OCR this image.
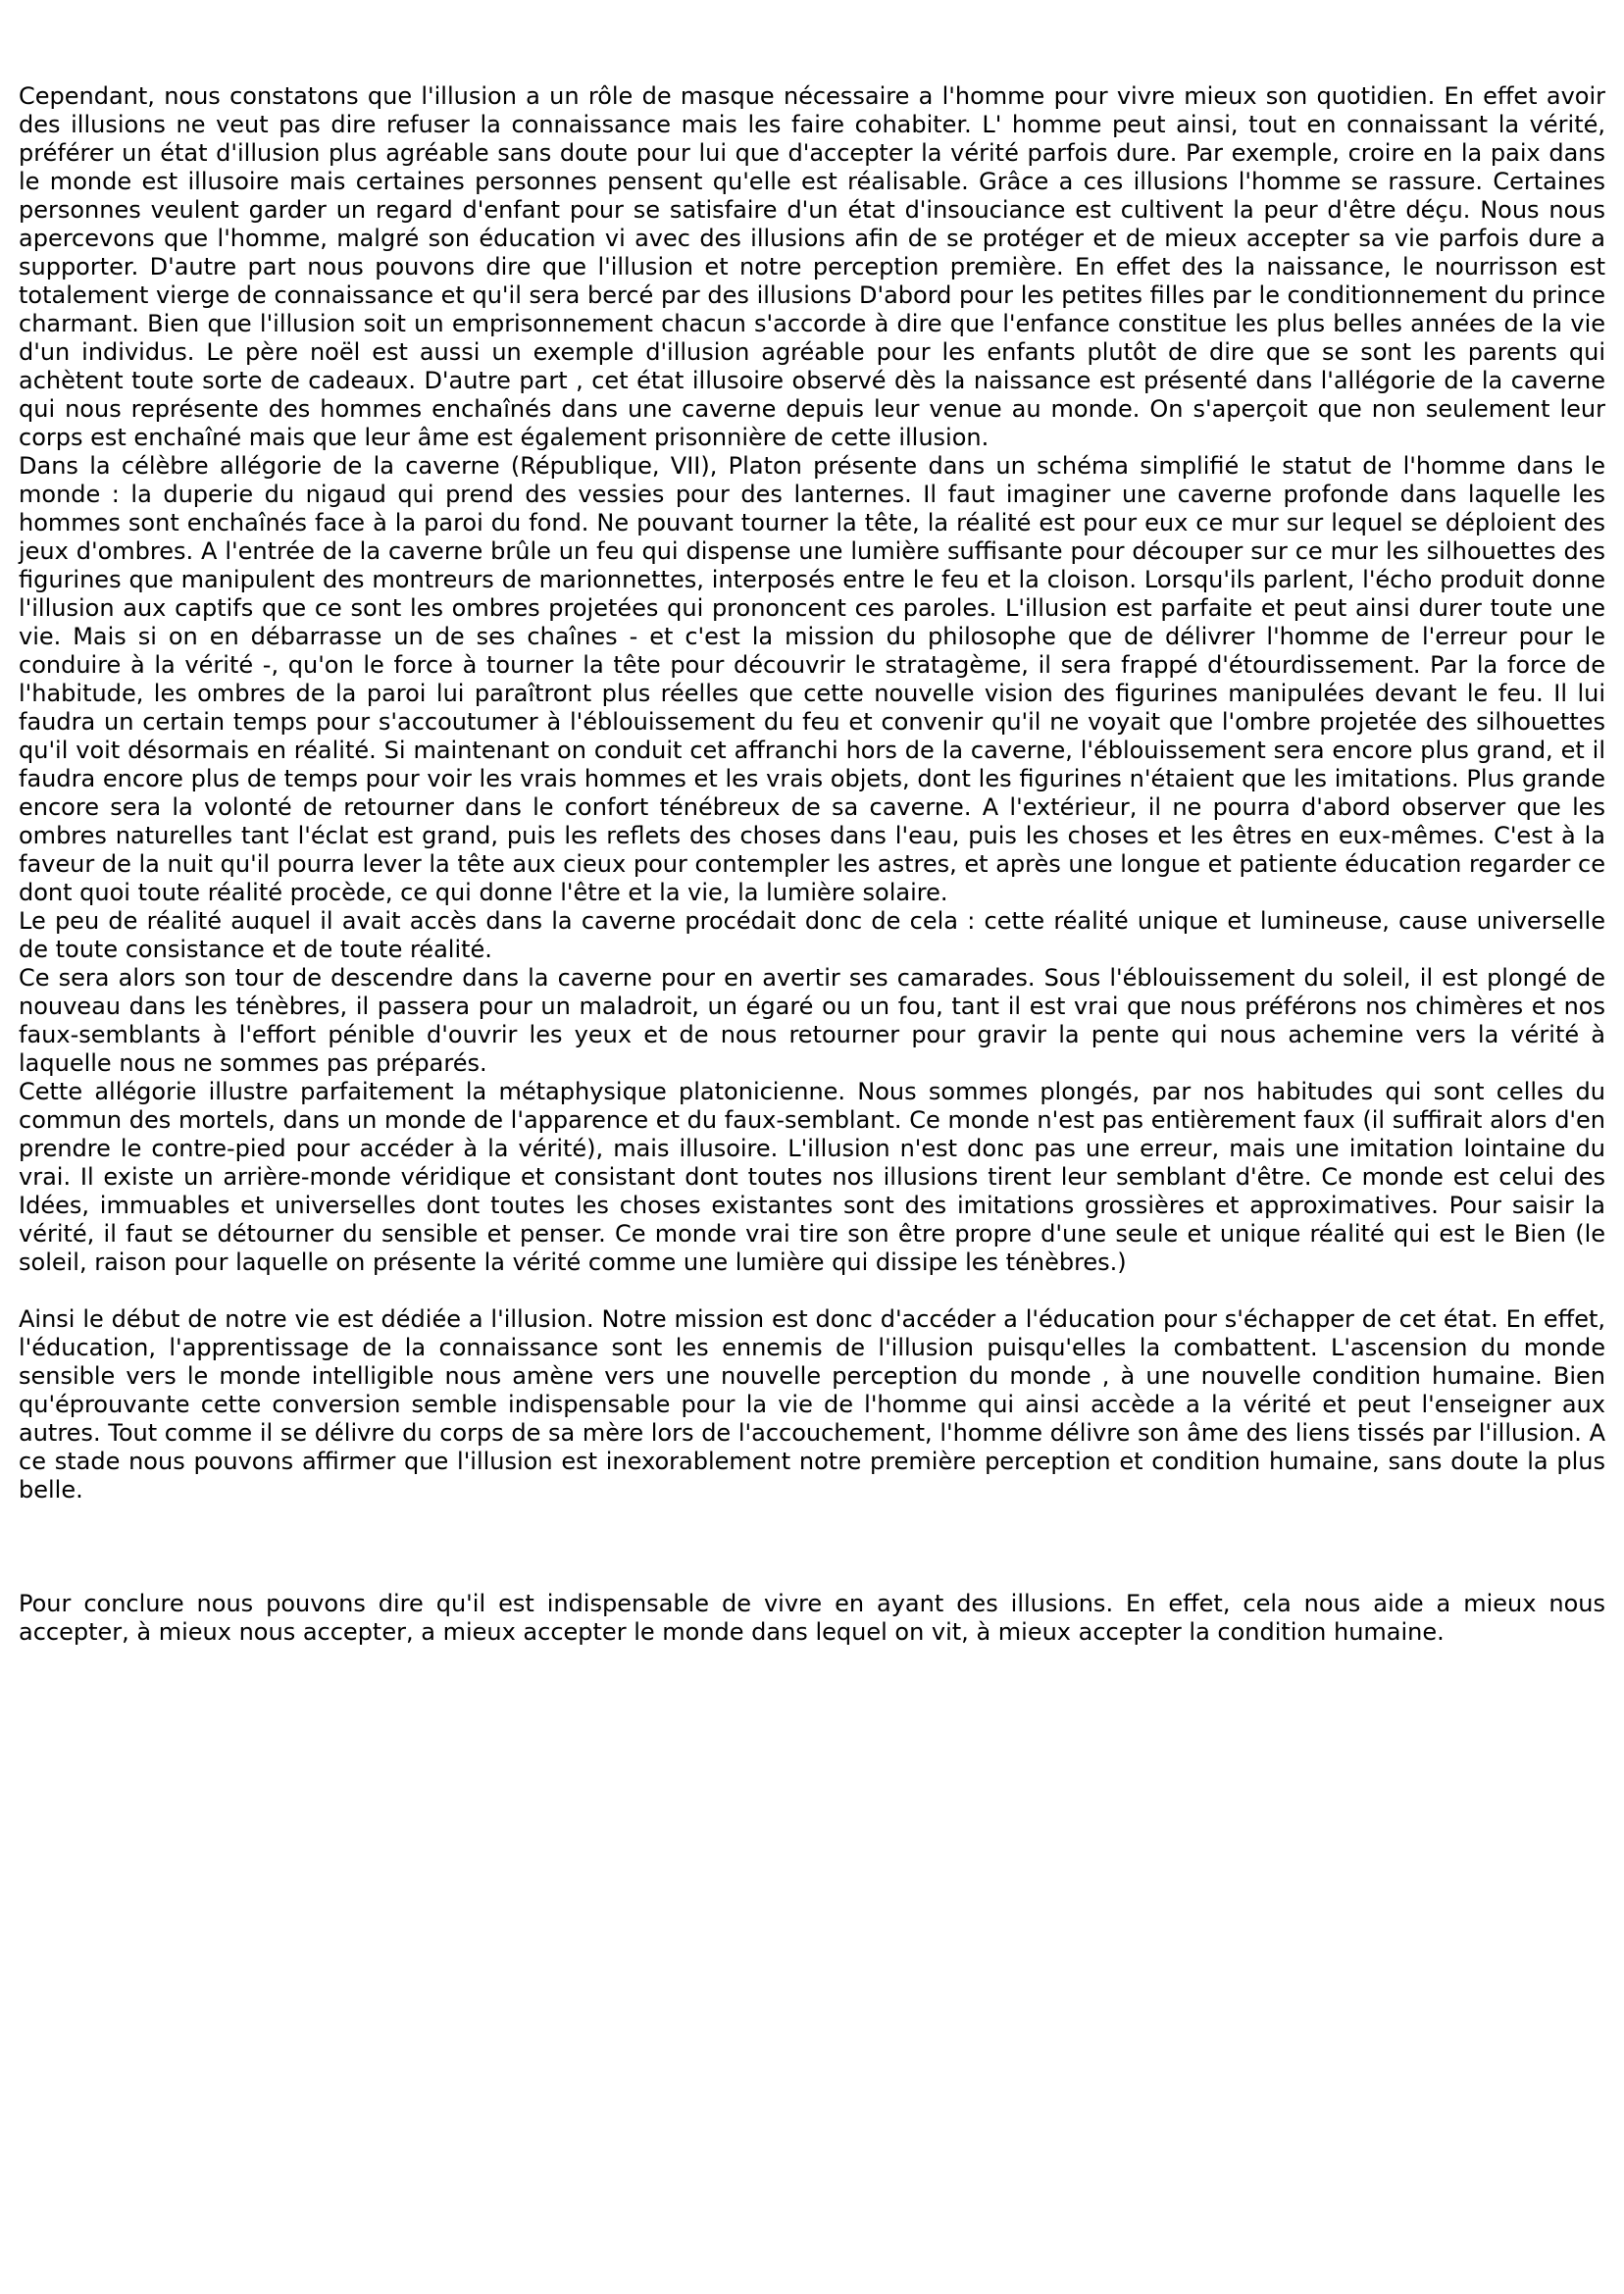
Cependant, nous constatons que l'illusion a un rôle de masque nécessaire a l'homme pour vivre mieux son quotidien. En effet avoir des illusions ne veut pas dire refuser la connaissance mais les faire cohabiter. L' homme peut ainsi, tout en connaissant la vérité, préférer un état d'illusion plus agréable sans doute pour lui que d'accepter la vérité parfois dure. Par exemple, croire en la paix dans le monde est illusoire mais certaines personnes pensent qu'elle est réalisable. Grâce a ces illusions l'homme se rassure. Certaines personnes veulent garder un regard d'enfant pour se satisfaire d'un état d'insouciance est cultivent la peur d'être déçu. Nous nous apercevons que l'homme, malgré son éducation vi avec des illusions afin de se protéger et de mieux accepter sa vie parfois dure a supporter. D'autre part nous pouvons dire que l'illusion et notre perception première. En effet des la naissance, le nourrisson est totalement vierge de connaissance et qu'il sera bercé par des illusions D'abord pour les petites filles par le conditionnement du prince charmant. Bien que l'illusion soit un emprisonnement chacun s'accorde à dire que l'enfance constitue les plus belles années de la vie d'un individus. Le père noël est aussi un exemple d'illusion agréable pour les enfants plutôt de dire que se sont les parents qui achètent toute sorte de cadeaux. D'autre part , cet état illusoire observé dès la naissance est présenté dans l'allégorie de la caverne qui nous représente des hommes enchaînés dans une caverne depuis leur venue au monde. On s'aperçoit que non seulement leur corps est enchaîné mais que leur âme est également prisonnière de cette illusion.

Dans la célèbre allégorie de la caverne (République, VII), Platon présente dans un schéma simplifié le statut de l'homme dans le monde : la duperie du nigaud qui prend des vessies pour des lanternes. Il faut imaginer une caverne profonde dans laquelle les hommes sont enchaînés face à la paroi du fond. Ne pouvant tourner la tête, la réalité est pour eux ce mur sur lequel se déploient des jeux d'ombres. A l'entrée de la caverne brûle un feu qui dispense une lumière suffisante pour découper sur ce mur les silhouettes des figurines que manipulent des montreurs de marionnettes, interposés entre le feu et la cloison. Lorsqu'ils parlent, l'écho produit donne l'illusion aux captifs que ce sont les ombres projetées qui prononcent ces paroles. L'illusion est parfaite et peut ainsi durer toute une vie. Mais si on en débarrasse un de ses chaînes - et c'est la mission du philosophe que de délivrer l'homme de l'erreur pour le conduire à la vérité -, qu'on le force à tourner la tête pour découvrir le stratagème, il sera frappé d'étourdissement. Par la force de l'habitude, les ombres de la paroi lui paraîtront plus réelles que cette nouvelle vision des figurines manipulées devant le feu. Il lui faudra un certain temps pour s'accoutumer à l'éblouissement du feu et convenir qu'il ne voyait que l'ombre projetée des silhouettes qu'il voit désormais en réalité. Si maintenant on conduit cet affranchi hors de la caverne, l'éblouissement sera encore plus grand, et il faudra encore plus de temps pour voir les vrais hommes et les vrais objets, dont les figurines n'étaient que les imitations. Plus grande encore sera la volonté de retourner dans le confort ténébreux de sa caverne. A l'extérieur, il ne pourra d'abord observer que les ombres naturelles tant l'éclat est grand, puis les reflets des choses dans l'eau, puis les choses et les êtres en eux-mêmes. C'est à la faveur de la nuit qu'il pourra lever la tête aux cieux pour contempler les astres, et après une longue et patiente éducation regarder ce dont quoi toute réalité procède, ce qui donne l'être et la vie, la lumière solaire.

Le peu de réalité auquel il avait accès dans la caverne procédait donc de cela : cette réalité unique et lumineuse, cause universelle de toute consistance et de toute réalité.

Ce sera alors son tour de descendre dans la caverne pour en avertir ses camarades. Sous l'éblouissement du soleil, il est plongé de nouveau dans les ténèbres, il passera pour un maladroit, un égaré ou un fou, tant il est vrai que nous préférons nos chimères et nos faux-semblants à l'effort pénible d'ouvrir les yeux et de nous retourner pour gravir la pente qui nous achemine vers la vérité à laquelle nous ne sommes pas préparés.

Cette allégorie illustre parfaitement la métaphysique platonicienne. Nous sommes plongés, par nos habitudes qui sont celles du commun des mortels, dans un monde de l'apparence et du faux-semblant. Ce monde n'est pas entièrement faux (il suffirait alors d'en prendre le contre-pied pour accéder à la vérité), mais illusoire. L'illusion n'est donc pas une erreur, mais une imitation lointaine du vrai. Il existe un arrière-monde véridique et consistant dont toutes nos illusions tirent leur semblant d'être. Ce monde est celui des Idées, immuables et universelles dont toutes les choses existantes sont des imitations grossières et approximatives. Pour saisir la vérité, il faut se détourner du sensible et penser. Ce monde vrai tire son être propre d'une seule et unique réalité qui est le Bien (le soleil, raison pour laquelle on présente la vérité comme une lumière qui dissipe les ténèbres.)

Ainsi le début de notre vie est dédiée a l'illusion. Notre mission est donc d'accéder a l'éducation pour s'échapper de cet état. En effet, l'éducation, l'apprentissage de la connaissance sont les ennemis de l'illusion puisqu'elles la combattent. L'ascension du monde sensible vers le monde intelligible nous amène vers une nouvelle perception du monde , à une nouvelle condition humaine. Bien qu'éprouvante cette conversion semble indispensable pour la vie de l'homme qui ainsi accède a la vérité et peut l'enseigner aux autres. Tout comme il se délivre du corps de sa mère lors de l'accouchement, l'homme délivre son âme des liens tissés par l'illusion. A ce stade nous pouvons affirmer que l'illusion est inexorablement notre première perception et condition humaine, sans doute la plus belle.

Pour conclure nous pouvons dire qu'il est indispensable de vivre en ayant des illusions. En effet, cela nous aide a mieux nous accepter, à mieux nous accepter, a mieux accepter le monde dans lequel on vit, à mieux accepter la condition humaine.
